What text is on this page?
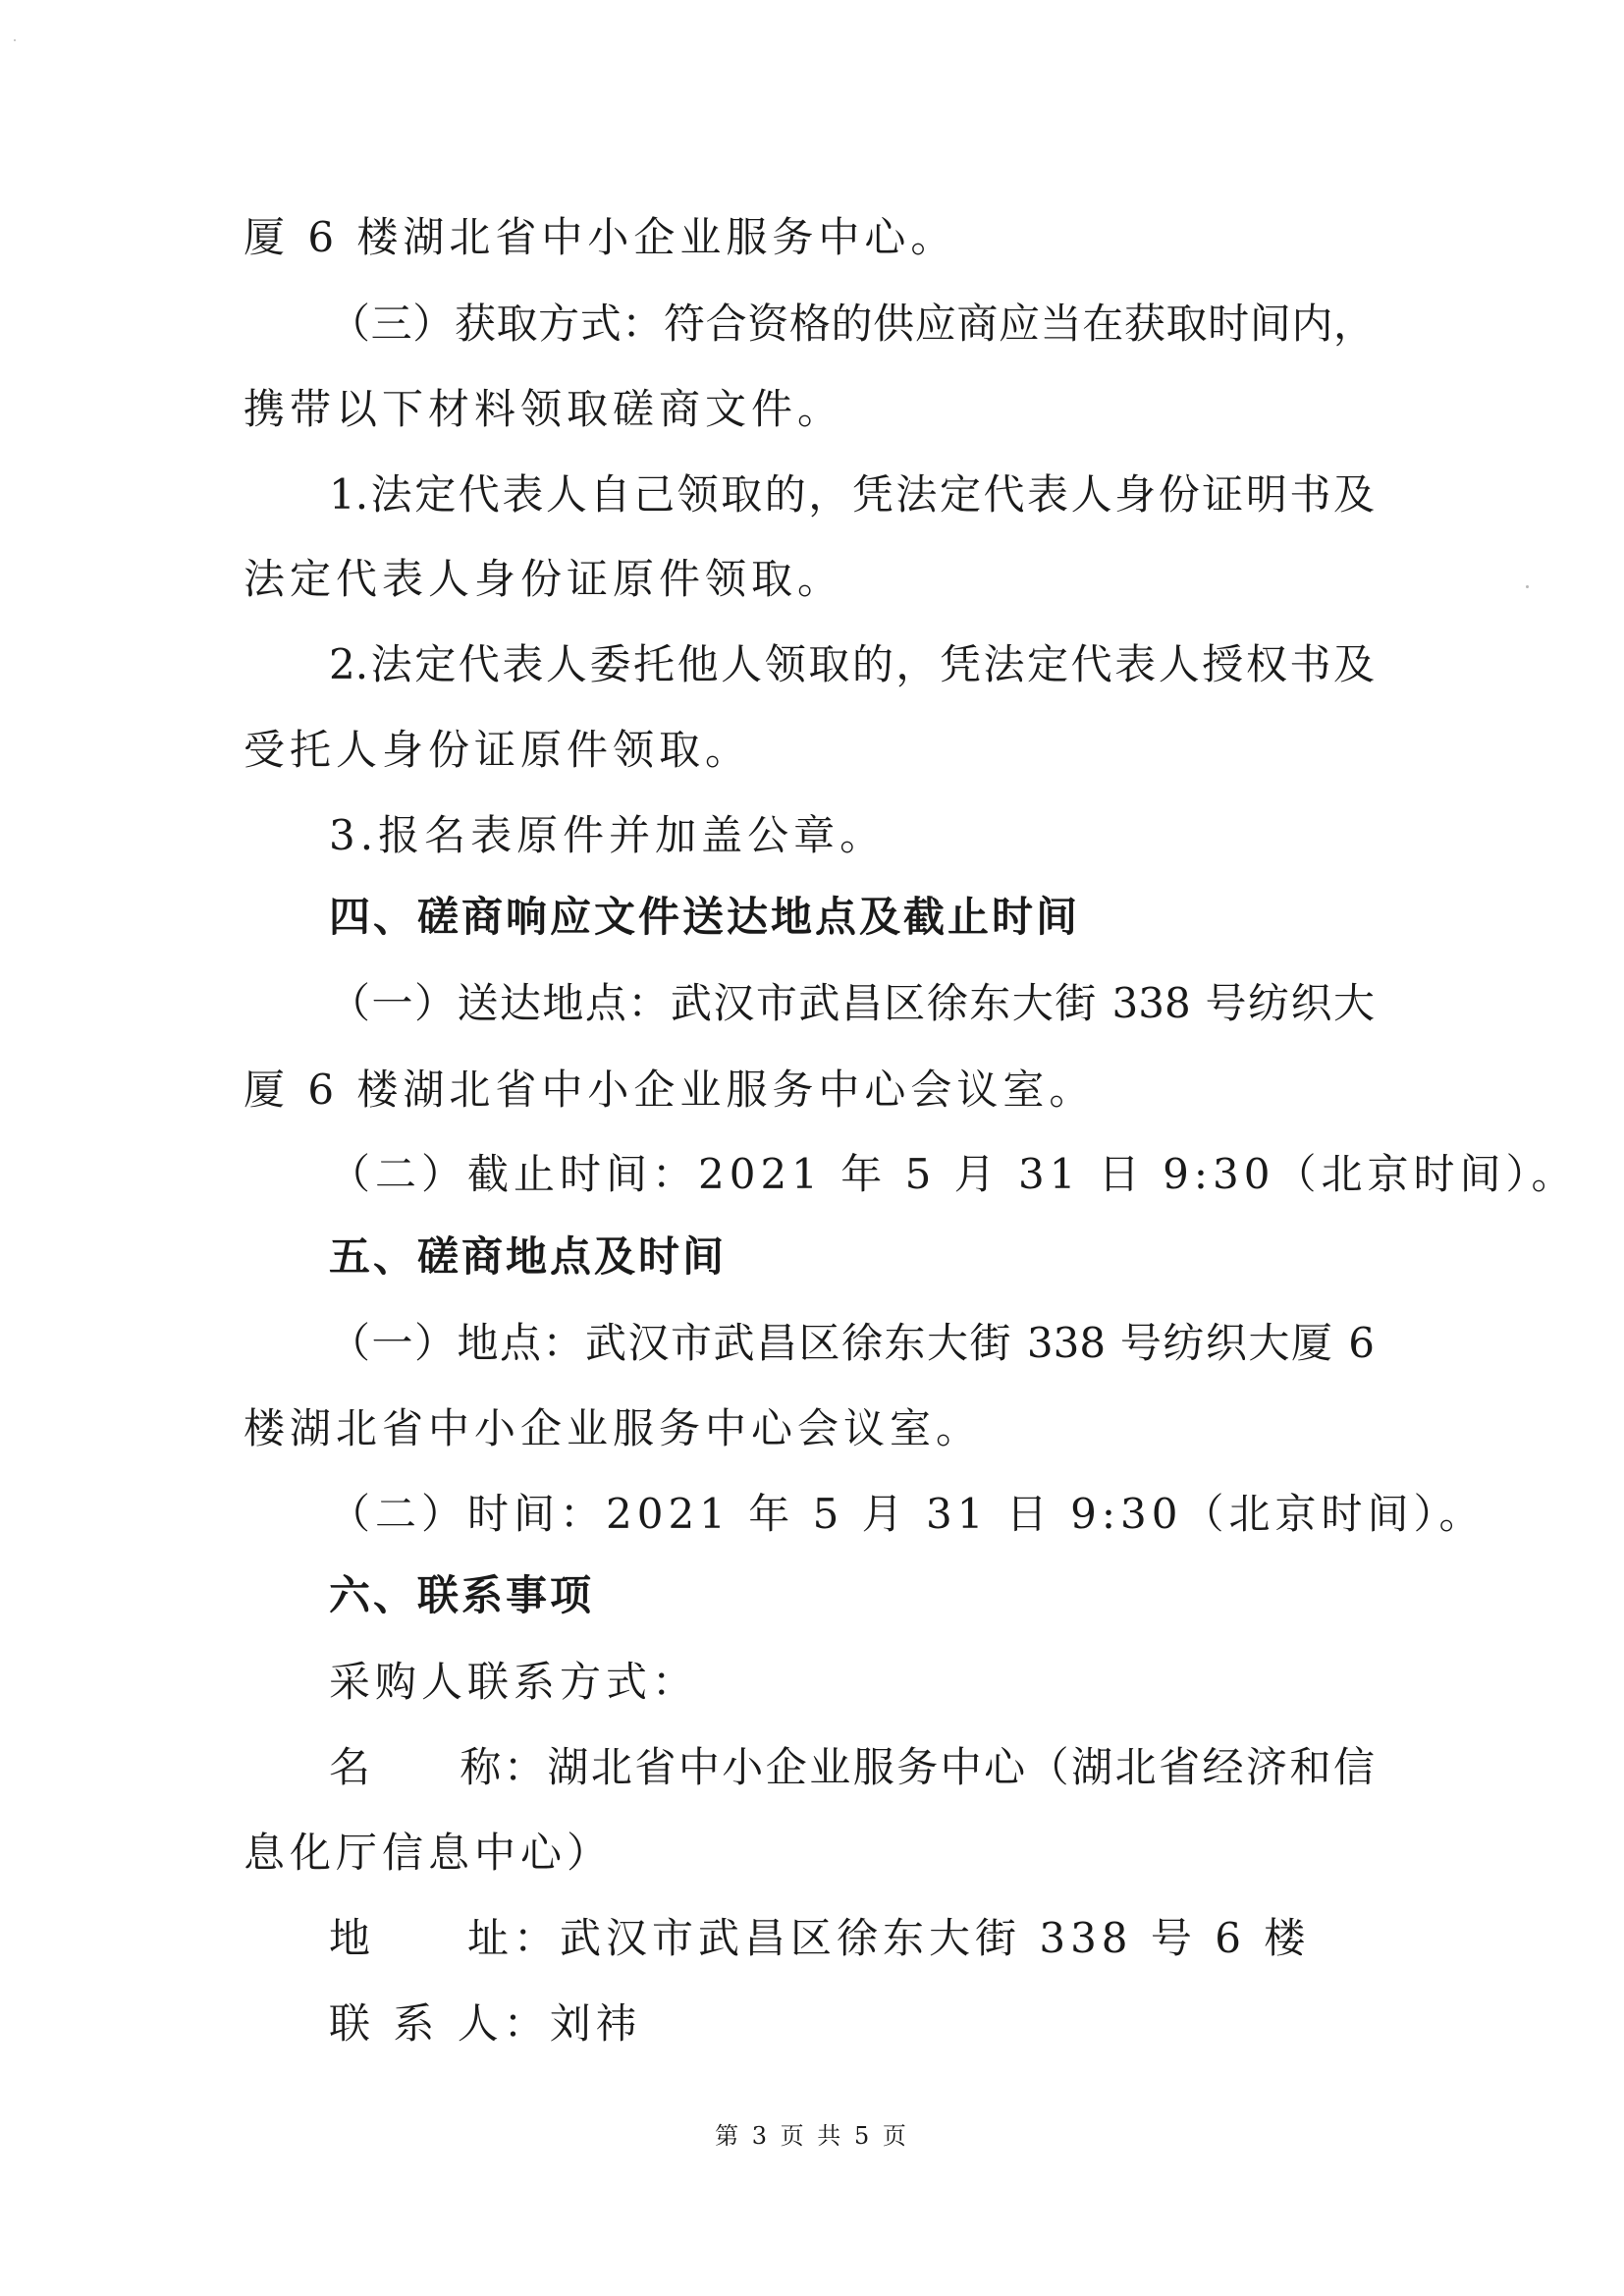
厦 6 楼湖北省中小企业服务中心。
（三）获取方式：符合资格的供应商应当在获取时间内，
携带以下材料领取磋商文件。
1.法定代表人自己领取的，凭法定代表人身份证明书及
法定代表人身份证原件领取。
2.法定代表人委托他人领取的，凭法定代表人授权书及
受托人身份证原件领取。
3.报名表原件并加盖公章。
四、磋商响应文件送达地点及截止时间
（一）送达地点：武汉市武昌区徐东大街 338 号纺织大
厦 6 楼湖北省中小企业服务中心会议室。
（二）截止时间：2021 年 5 月 31 日 9:30（北京时间）。
五、磋商地点及时间
（一）地点：武汉市武昌区徐东大街 338 号纺织大厦 6
楼湖北省中小企业服务中心会议室。
（二）时间：2021 年 5 月 31 日 9:30（北京时间）。
六、联系事项
采购人联系方式：
名　　称：湖北省中小企业服务中心（湖北省经济和信
息化厅信息中心）
地　　址：武汉市武昌区徐东大街 338 号 6 楼
联 系 人：刘祎
第 3 页 共 5 页
